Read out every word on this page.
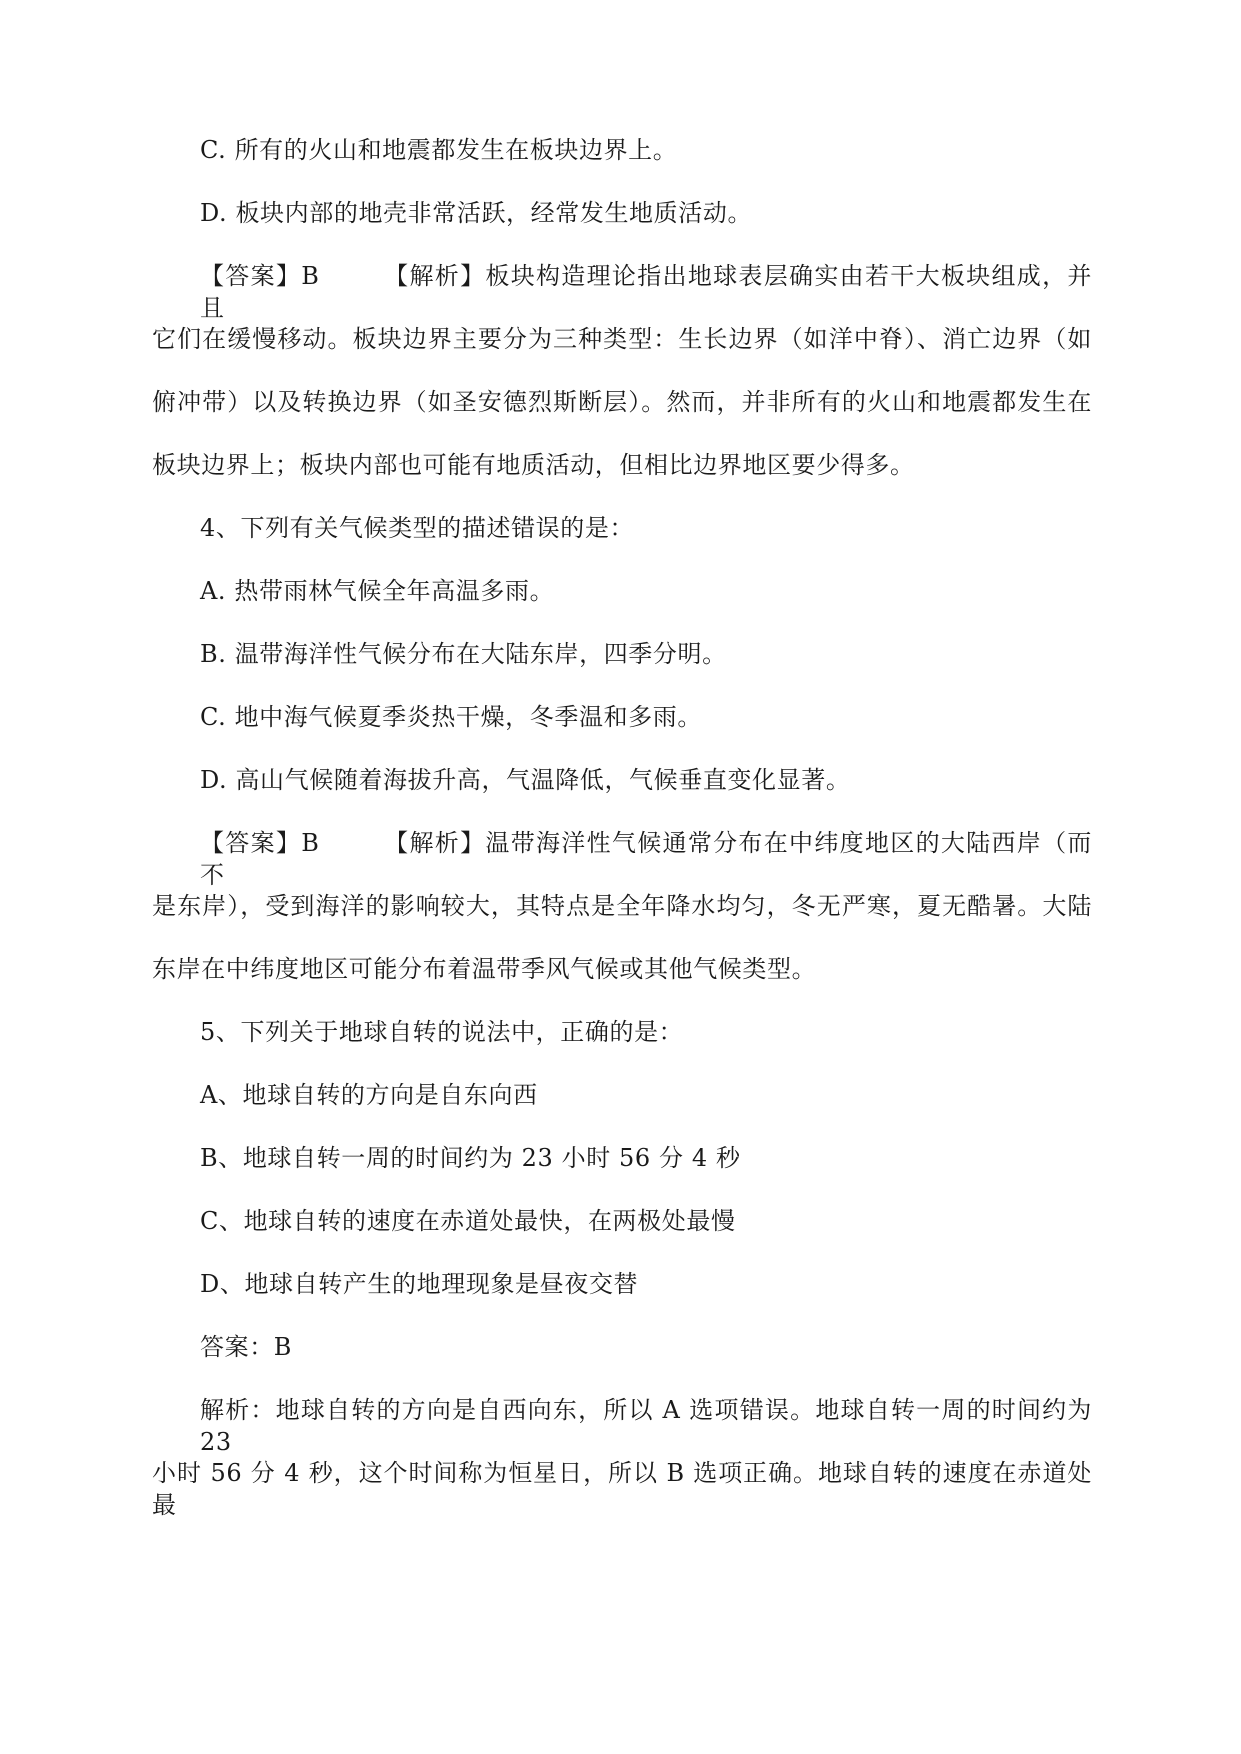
C. 所有的火山和地震都发生在板块边界上。
D. 板块内部的地壳非常活跃，经常发生地质活动。
【答案】B	【解析】板块构造理论指出地球表层确实由若干大板块组成，并且
它们在缓慢移动。板块边界主要分为三种类型：生长边界（如洋中脊）、消亡边界（如
俯冲带）以及转换边界（如圣安德烈斯断层）。然而，并非所有的火山和地震都发生在
板块边界上；板块内部也可能有地质活动，但相比边界地区要少得多。
4、下列有关气候类型的描述错误的是：
A. 热带雨林气候全年高温多雨。
B. 温带海洋性气候分布在大陆东岸，四季分明。
C. 地中海气候夏季炎热干燥，冬季温和多雨。
D. 高山气候随着海拔升高，气温降低，气候垂直变化显著。
【答案】B	【解析】温带海洋性气候通常分布在中纬度地区的大陆西岸（而不
是东岸），受到海洋的影响较大，其特点是全年降水均匀，冬无严寒，夏无酷暑。大陆
东岸在中纬度地区可能分布着温带季风气候或其他气候类型。
5、下列关于地球自转的说法中，正确的是：
A、地球自转的方向是自东向西
B、地球自转一周的时间约为 23 小时 56 分 4 秒
C、地球自转的速度在赤道处最快，在两极处最慢
D、地球自转产生的地理现象是昼夜交替
答案：B
解析：地球自转的方向是自西向东，所以 A 选项错误。地球自转一周的时间约为 23
小时 56 分 4 秒，这个时间称为恒星日，所以 B 选项正确。地球自转的速度在赤道处最
